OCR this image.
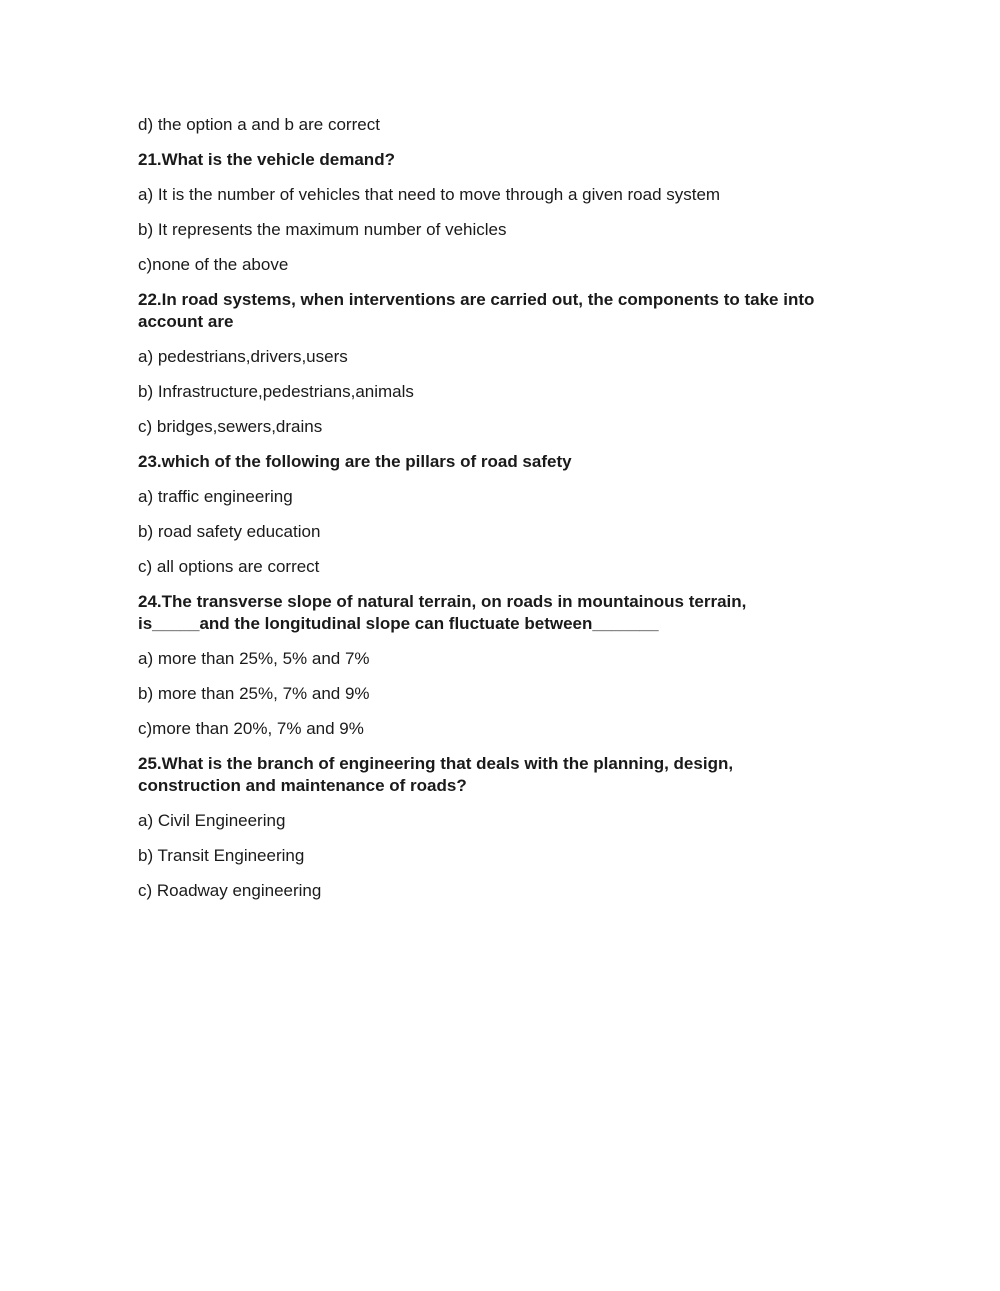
d) the option a and b are correct
21.What is the vehicle demand?
a) It is the number of vehicles that need to move through a given road system
b) It represents the maximum number of vehicles
c)none of the above
22.In road systems, when interventions are carried out, the components to take into
account are
a) pedestrians,drivers,users
b) Infrastructure,pedestrians,animals
c) bridges,sewers,drains
23.which of the following are the pillars of road safety
a) traffic engineering
b) road safety education
c) all options are correct
24.The transverse slope of natural terrain, on roads in mountainous terrain,
is_____and the longitudinal slope can fluctuate between_______
a) more than 25%, 5% and 7%
b) more than 25%, 7% and 9%
c)more than 20%, 7% and 9%
25.What is the branch of engineering that deals with the planning, design,
construction and maintenance of roads?
a) Civil Engineering
b) Transit Engineering
c) Roadway engineering
